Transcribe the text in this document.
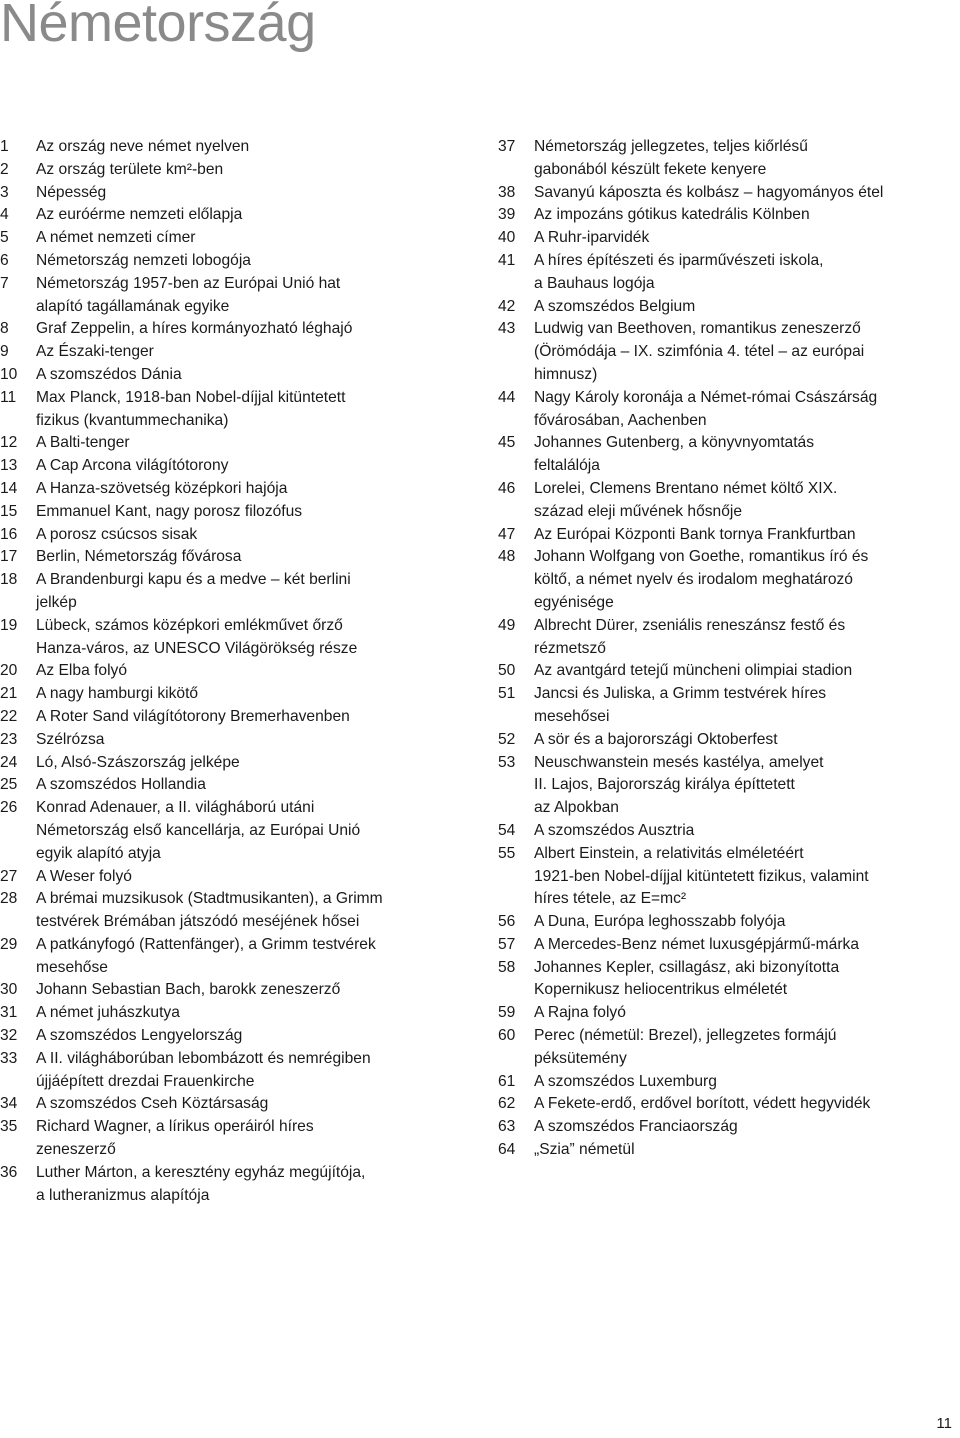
Németország
1	Az ország neve német nyelven
2	Az ország területe km²-ben
3	Népesség
4	Az euróérme nemzeti előlapja
5	A német nemzeti címer
6	Németország nemzeti lobogója
7	Németország 1957-ben az Európai Unió hat
alapító tagállamának egyike
8	Graf Zeppelin, a híres kormányozható léghajó
9	Az Északi-tenger
10	A szomszédos Dánia
11	Max Planck, 1918-ban Nobel-díjjal kitüntetett
fizikus (kvantummechanika)
12	A Balti-tenger
13	A Cap Arcona világítótorony
14	A Hanza-szövetség középkori hajója
15	Emmanuel Kant, nagy porosz filozófus
16	A porosz csúcsos sisak
17	Berlin, Németország fővárosa
18	A Brandenburgi kapu és a medve – két berlini
jelkép
19	Lübeck, számos középkori emlékművet őrző
Hanza-város, az UNESCO Világörökség része
20	Az Elba folyó
21	A nagy hamburgi kikötő
22	A Roter Sand világítótorony Bremerhavenben
23	Szélrózsa
24	Ló, Alsó-Szászország jelképe
25	A szomszédos Hollandia
26	Konrad Adenauer, a II. világháború utáni
Németország első kancellárja, az Európai Unió
egyik alapító atyja
27	A Weser folyó
28	A brémai muzsikusok (Stadtmusikanten), a Grimm
testvérek Brémában játszódó meséjének hősei
29	A patkányfogó (Rattenfänger), a Grimm testvérek
mesehőse
30	Johann Sebastian Bach, barokk zeneszerző
31	A német juhászkutya
32	A szomszédos Lengyelország
33	A II. világháborúban lebombázott és nemrégiben
újjáépített drezdai Frauenkirche
34	A szomszédos Cseh Köztársaság
35	Richard Wagner, a lírikus operáiról híres
zeneszerző
36	Luther Márton, a keresztény egyház megújítója,
a lutheranizmus alapítója
37	Németország jellegzetes, teljes kiőrlésű
gabonából készült fekete kenyere
38	Savanyú káposzta és kolbász – hagyományos étel
39	Az impozáns gótikus katedrális Kölnben
40	A Ruhr-iparvidék
41	A híres építészeti és iparművészeti iskola,
a Bauhaus logója
42	A szomszédos Belgium
43	Ludwig van Beethoven, romantikus zeneszerző
(Örömódája – IX. szimfónia 4. tétel – az európai
himnusz)
44	Nagy Károly koronája a Német-római Császárság
fővárosában, Aachenben
45	Johannes Gutenberg, a könyvnyomtatás
feltalálója
46	Lorelei, Clemens Brentano német költő XIX.
század eleji művének hősnője
47	Az Európai Központi Bank tornya Frankfurtban
48	Johann Wolfgang von Goethe, romantikus író és
költő, a német nyelv és irodalom meghatározó
egyénisége
49	Albrecht Dürer, zseniális reneszánsz festő és
rézmetsző
50	Az avantgárd tetejű müncheni olimpiai stadion
51	Jancsi és Juliska, a Grimm testvérek híres
mesehősei
52	A sör és a bajorországi Oktoberfest
53	Neuschwanstein mesés kastélya, amelyet
II. Lajos, Bajorország királya építtetett
az Alpokban
54	A szomszédos Ausztria
55	Albert Einstein, a relativitás elméletéért
1921-ben Nobel-díjjal kitüntetett fizikus, valamint
híres tétele, az E=mc²
56	A Duna, Európa leghosszabb folyója
57	A Mercedes-Benz német luxusgépjármű-márka
58	Johannes Kepler, csillagász, aki bizonyította
Kopernikusz heliocentrikus elméletét
59	A Rajna folyó
60	Perec (németül: Brezel), jellegzetes formájú
péksütemény
61	A szomszédos Luxemburg
62	A Fekete-erdő, erdővel borított, védett hegyvidék
63	A szomszédos Franciaország
64	„Szia” németül
11
